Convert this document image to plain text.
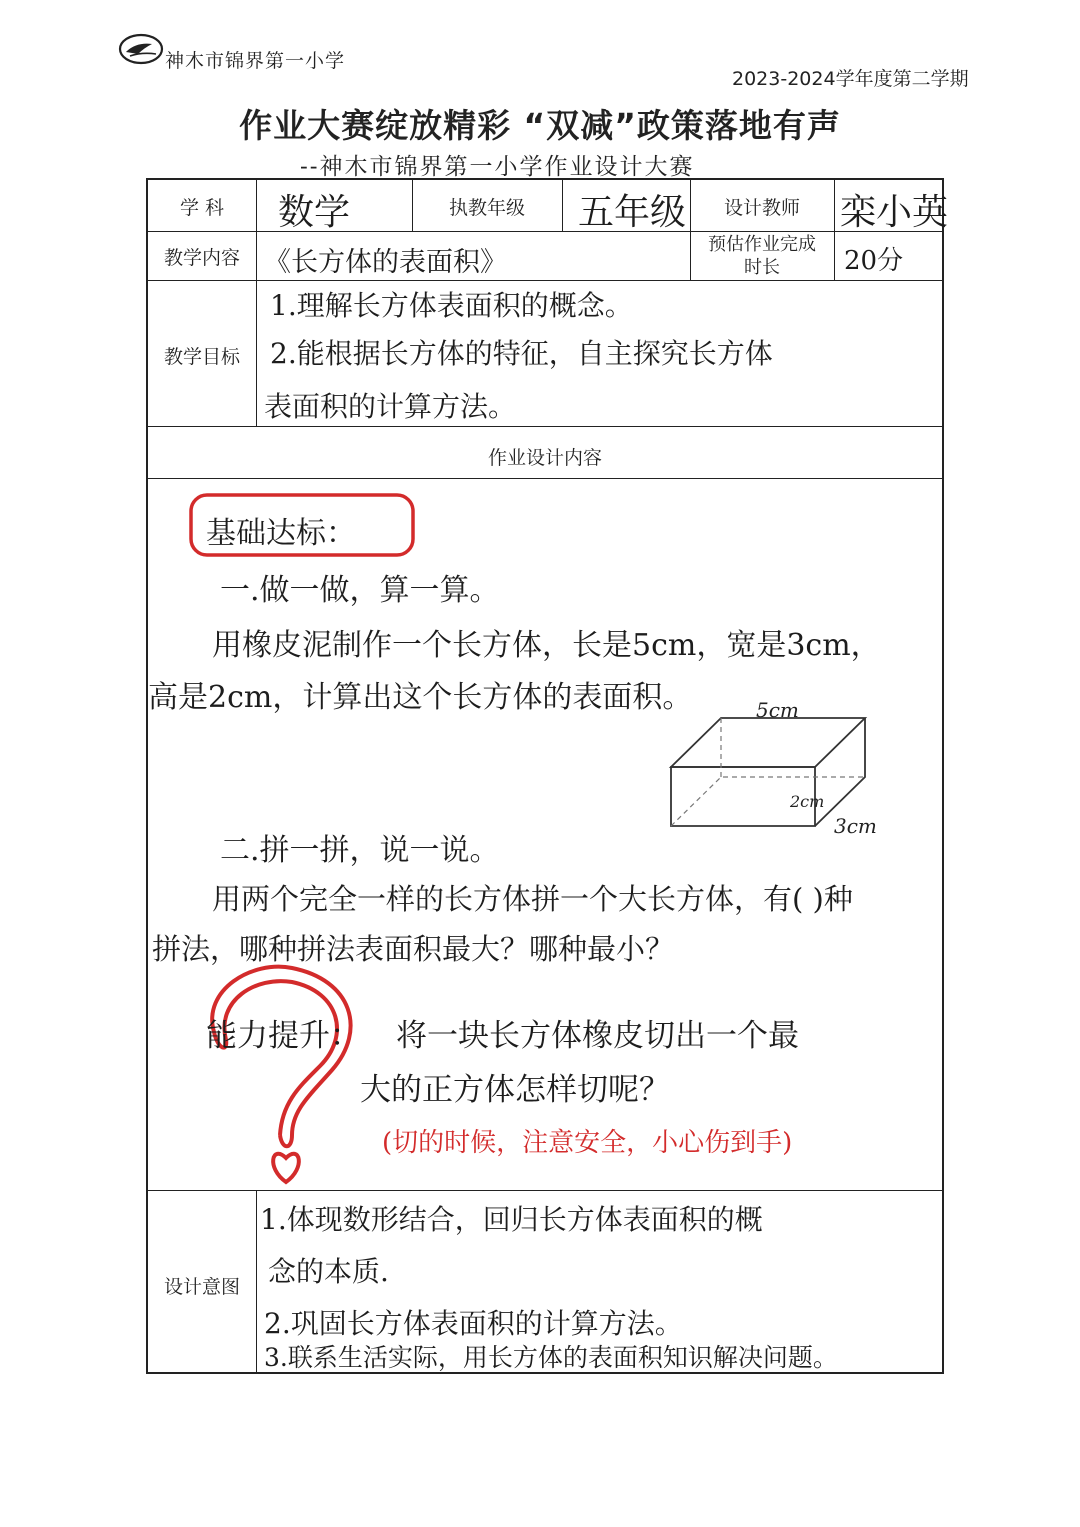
神木市锦界第一小学
2023-2024学年度第二学期
作业大赛绽放精彩 “双减”政策落地有声
--神木市锦界第一小学作业设计大赛
学 科	数学	执教年级	五年级	设计教师	栾小英
教学内容 《长方体的表面积》
预估作业完成
时长	20分
教学目标
1.理解长方体表面积的概念。
2.能根据长方体的特征，自主探究长方体
表面积的计算方法。
作业设计内容
基础达标：
一.做一做，算一算。
用橡皮泥制作一个长方体，长是5cm，宽是3cm，
高是2cm，计算出这个长方体的表面积。	5cm
2cm
3cm
二.拼一拼，说一说。
用两个完全一样的长方体拼一个大长方体，有( )种
拼法，哪种拼法表面积最大？哪种最小？
能力提升： 将一块长方体橡皮切出一个最
大的正方体怎样切呢？
(切的时候，注意安全，小心伤到手)
设计意图
1.体现数形结合，回归长方体表面积的概
念的本质.
2.巩固长方体表面积的计算方法。
3.联系生活实际，用长方体的表面积知识解决问题。
